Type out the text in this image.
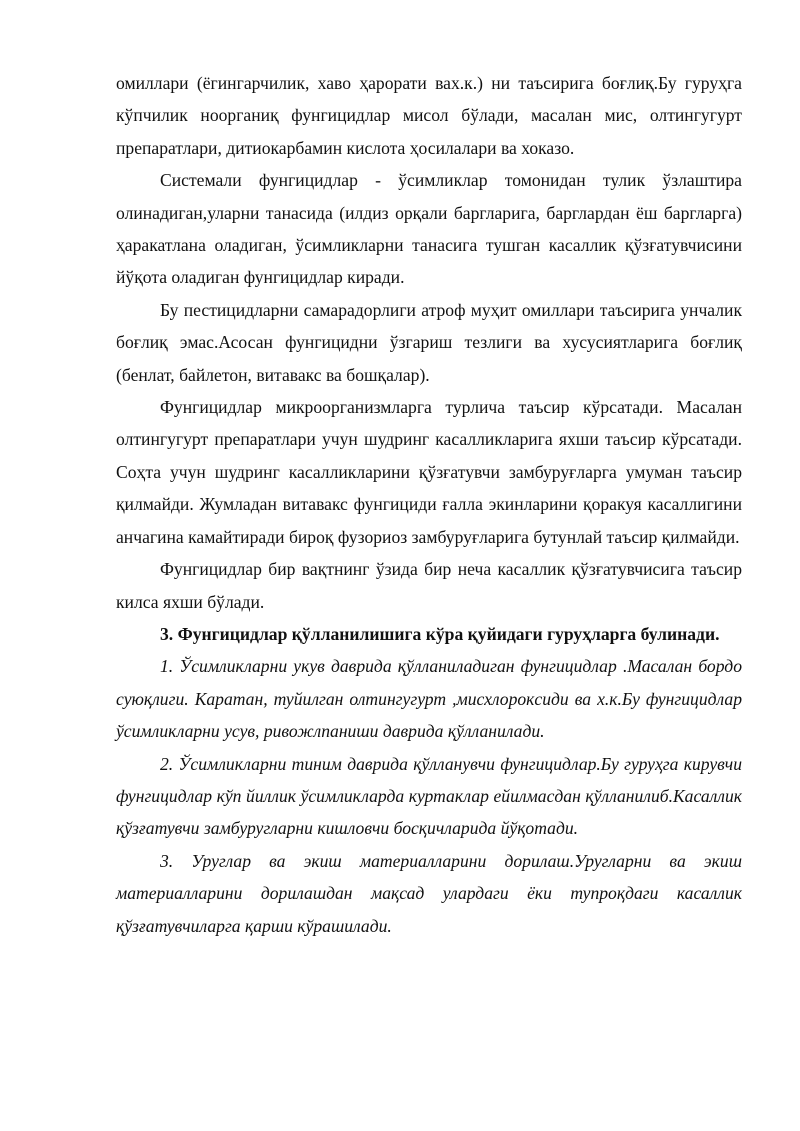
омиллари (ёгингарчилик, хаво ҳарорати вах.к.) ни таъсирига боғлиқ.Бу гуруҳга кўпчилик ноорганиқ фунгицидлар мисол бўлади, масалан мис, олтингугурт препаратлари, дитиокарбамин кислота ҳосилалари ва хоказо.

Системали фунгицидлар - ўсимликлар томонидан тулик ўзлаштира олинадиган,уларни танасида (илдиз орқали баргларига, барглардан ёш баргларга) ҳаракатлана оладиган, ўсимликларни танасига тушган касаллик қўзғатувчисини йўқота оладиган фунгицидлар киради.

Бу пестицидларни самарадорлиги атроф муҳит омиллари таъсирига унчалик боғлиқ эмас.Асосан фунгицидни ўзгариш тезлиги ва хусусиятларига боғлиқ (бенлат, байлетон, витавакс ва бошқалар).

Фунгицидлар микроорганизмларга турлича таъсир кўрсатади. Масалан олтингугурт препаратлари учун шудринг касалликларига яхши таъсир кўрсатади. Соҳта учун шудринг касалликларини қўзғатувчи замбуруғларга умуман таъсир қилмайди. Жумладан витавакс фунгициди ғалла экинларини қоракуя касаллигини анчагина камайтиради бироқ фузориоз замбуруғларига бутунлай таъсир қилмайди.

Фунгицидлар бир вақтнинг ўзида бир неча касаллик қўзғатувчисига таъсир килса яхши бўлади.

3. Фунгицидлар қўлланилишига кўра қуйидаги гуруҳларга булинади.

1. Ўсимликларни укув даврида қўлланиладиган фунгицидлар .Масалан бордо суюқлиги. Каратан, туйилган олтингугурт ,мисхлорокcиди ва х.к.Бу фунгицидлар ўсимликларни усув, ривожлпаниши даврида қўлланилади.

2. Ўсимликларни тиним даврида қўлланувчи фунгицидлар.Бу гуруҳга кирувчи фунгицидлар кўп йиллик ўсимликларда куртаклар ейилмасдан қўлланилиб.Касаллик қўзғатувчи замбуругларни кишловчи босқичларида йўқотади.

3. Уруглар ва экиш материалларини дорилаш.Уругларни ва экиш материалларини дорилашдан мақсад улардаги ёки тупроқдаги касаллик қўзғатувчиларга қарши кўрашилади.
